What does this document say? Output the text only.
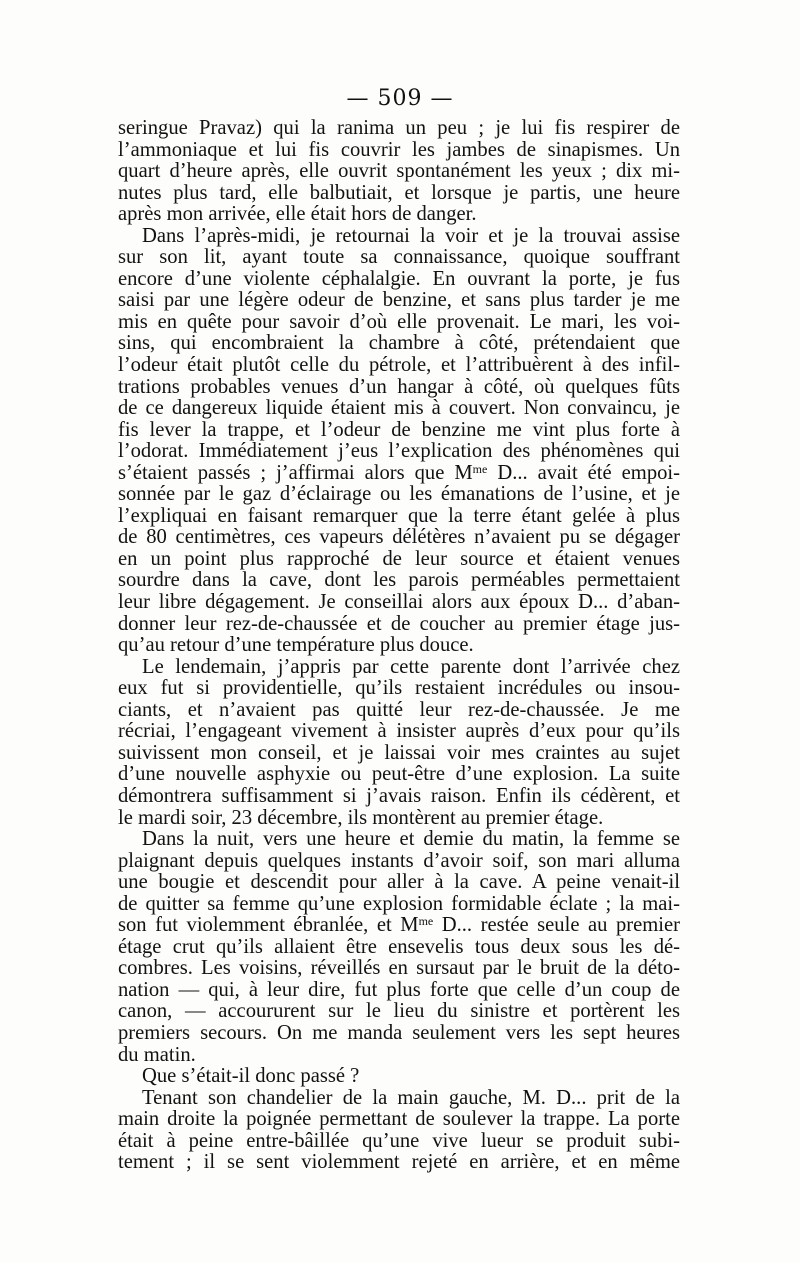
— 509 —

seringue Pravaz) qui la ranima un peu ; je lui fis respirer de

l’ammoniaque et lui fis couvrir les jambes de sinapismes. Un

quart d’heure après, elle ouvrit spontanément les yeux ; dix mi-

nutes plus tard, elle balbutiait, et lorsque je partis, une heure

après mon arrivée, elle était hors de danger.

Dans l’après-midi, je retournai la voir et je la trouvai assise

sur son lit, ayant toute sa connaissance, quoique souffrant

encore d’une violente céphalalgie. En ouvrant la porte, je fus

saisi par une légère odeur de benzine, et sans plus tarder je me

mis en quête pour savoir d’où elle provenait. Le mari, les voi-

sins, qui encombraient la chambre à côté, prétendaient que

l’odeur était plutôt celle du pétrole, et l’attribuèrent à des infil-

trations probables venues d’un hangar à côté, où quelques fûts

de ce dangereux liquide étaient mis à couvert. Non convaincu, je

fis lever la trappe, et l’odeur de benzine me vint plus forte à

l’odorat. Immédiatement j’eus l’explication des phénomènes qui

s’étaient passés ; j’affirmai alors que $M^{me}$ D... avait été empoi-

sonnée par le gaz d’éclairage ou les émanations de l’usine, et je

l’expliquai en faisant remarquer que la terre étant gelée à plus

de 80 centimètres, ces vapeurs délétères n’avaient pu se dégager

en un point plus rapproché de leur source et étaient venues

sourdre dans la cave, dont les parois perméables permettaient

leur libre dégagement. Je conseillai alors aux époux D... d’aban-

donner leur rez-de-chaussée et de coucher au premier étage jus-

qu’au retour d’une température plus douce.

Le lendemain, j’appris par cette parente dont l’arrivée chez

eux fut si providentielle, qu’ils restaient incrédules ou insou-

ciants, et n’avaient pas quitté leur rez-de-chaussée. Je me

récriai, l’engageant vivement à insister auprès d’eux pour qu’ils

suivissent mon conseil, et je laissai voir mes craintes au sujet

d’une nouvelle asphyxie ou peut-être d’une explosion. La suite

démontrera suffisamment si j’avais raison. Enfin ils cédèrent, et

le mardi soir, 23 décembre, ils montèrent au premier étage.

Dans la nuit, vers une heure et demie du matin, la femme se

plaignant depuis quelques instants d’avoir soif, son mari alluma

une bougie et descendit pour aller à la cave. A peine venait-il

de quitter sa femme qu’une explosion formidable éclate ; la mai-

son fut violemment ébranlée, et $M^{me}$ D... restée seule au premier

étage crut qu’ils allaient être ensevelis tous deux sous les dé-

combres. Les voisins, réveillés en sursaut par le bruit de la déto-

nation — qui, à leur dire, fut plus forte que celle d’un coup de

canon, — accoururent sur le lieu du sinistre et portèrent les

premiers secours. On me manda seulement vers les sept heures

du matin.

Que s’était-il donc passé ?

Tenant son chandelier de la main gauche, M. D... prit de la

main droite la poignée permettant de soulever la trappe. La porte

était à peine entre-bâillée qu’une vive lueur se produit subi-

tement ; il se sent violemment rejeté en arrière, et en même
